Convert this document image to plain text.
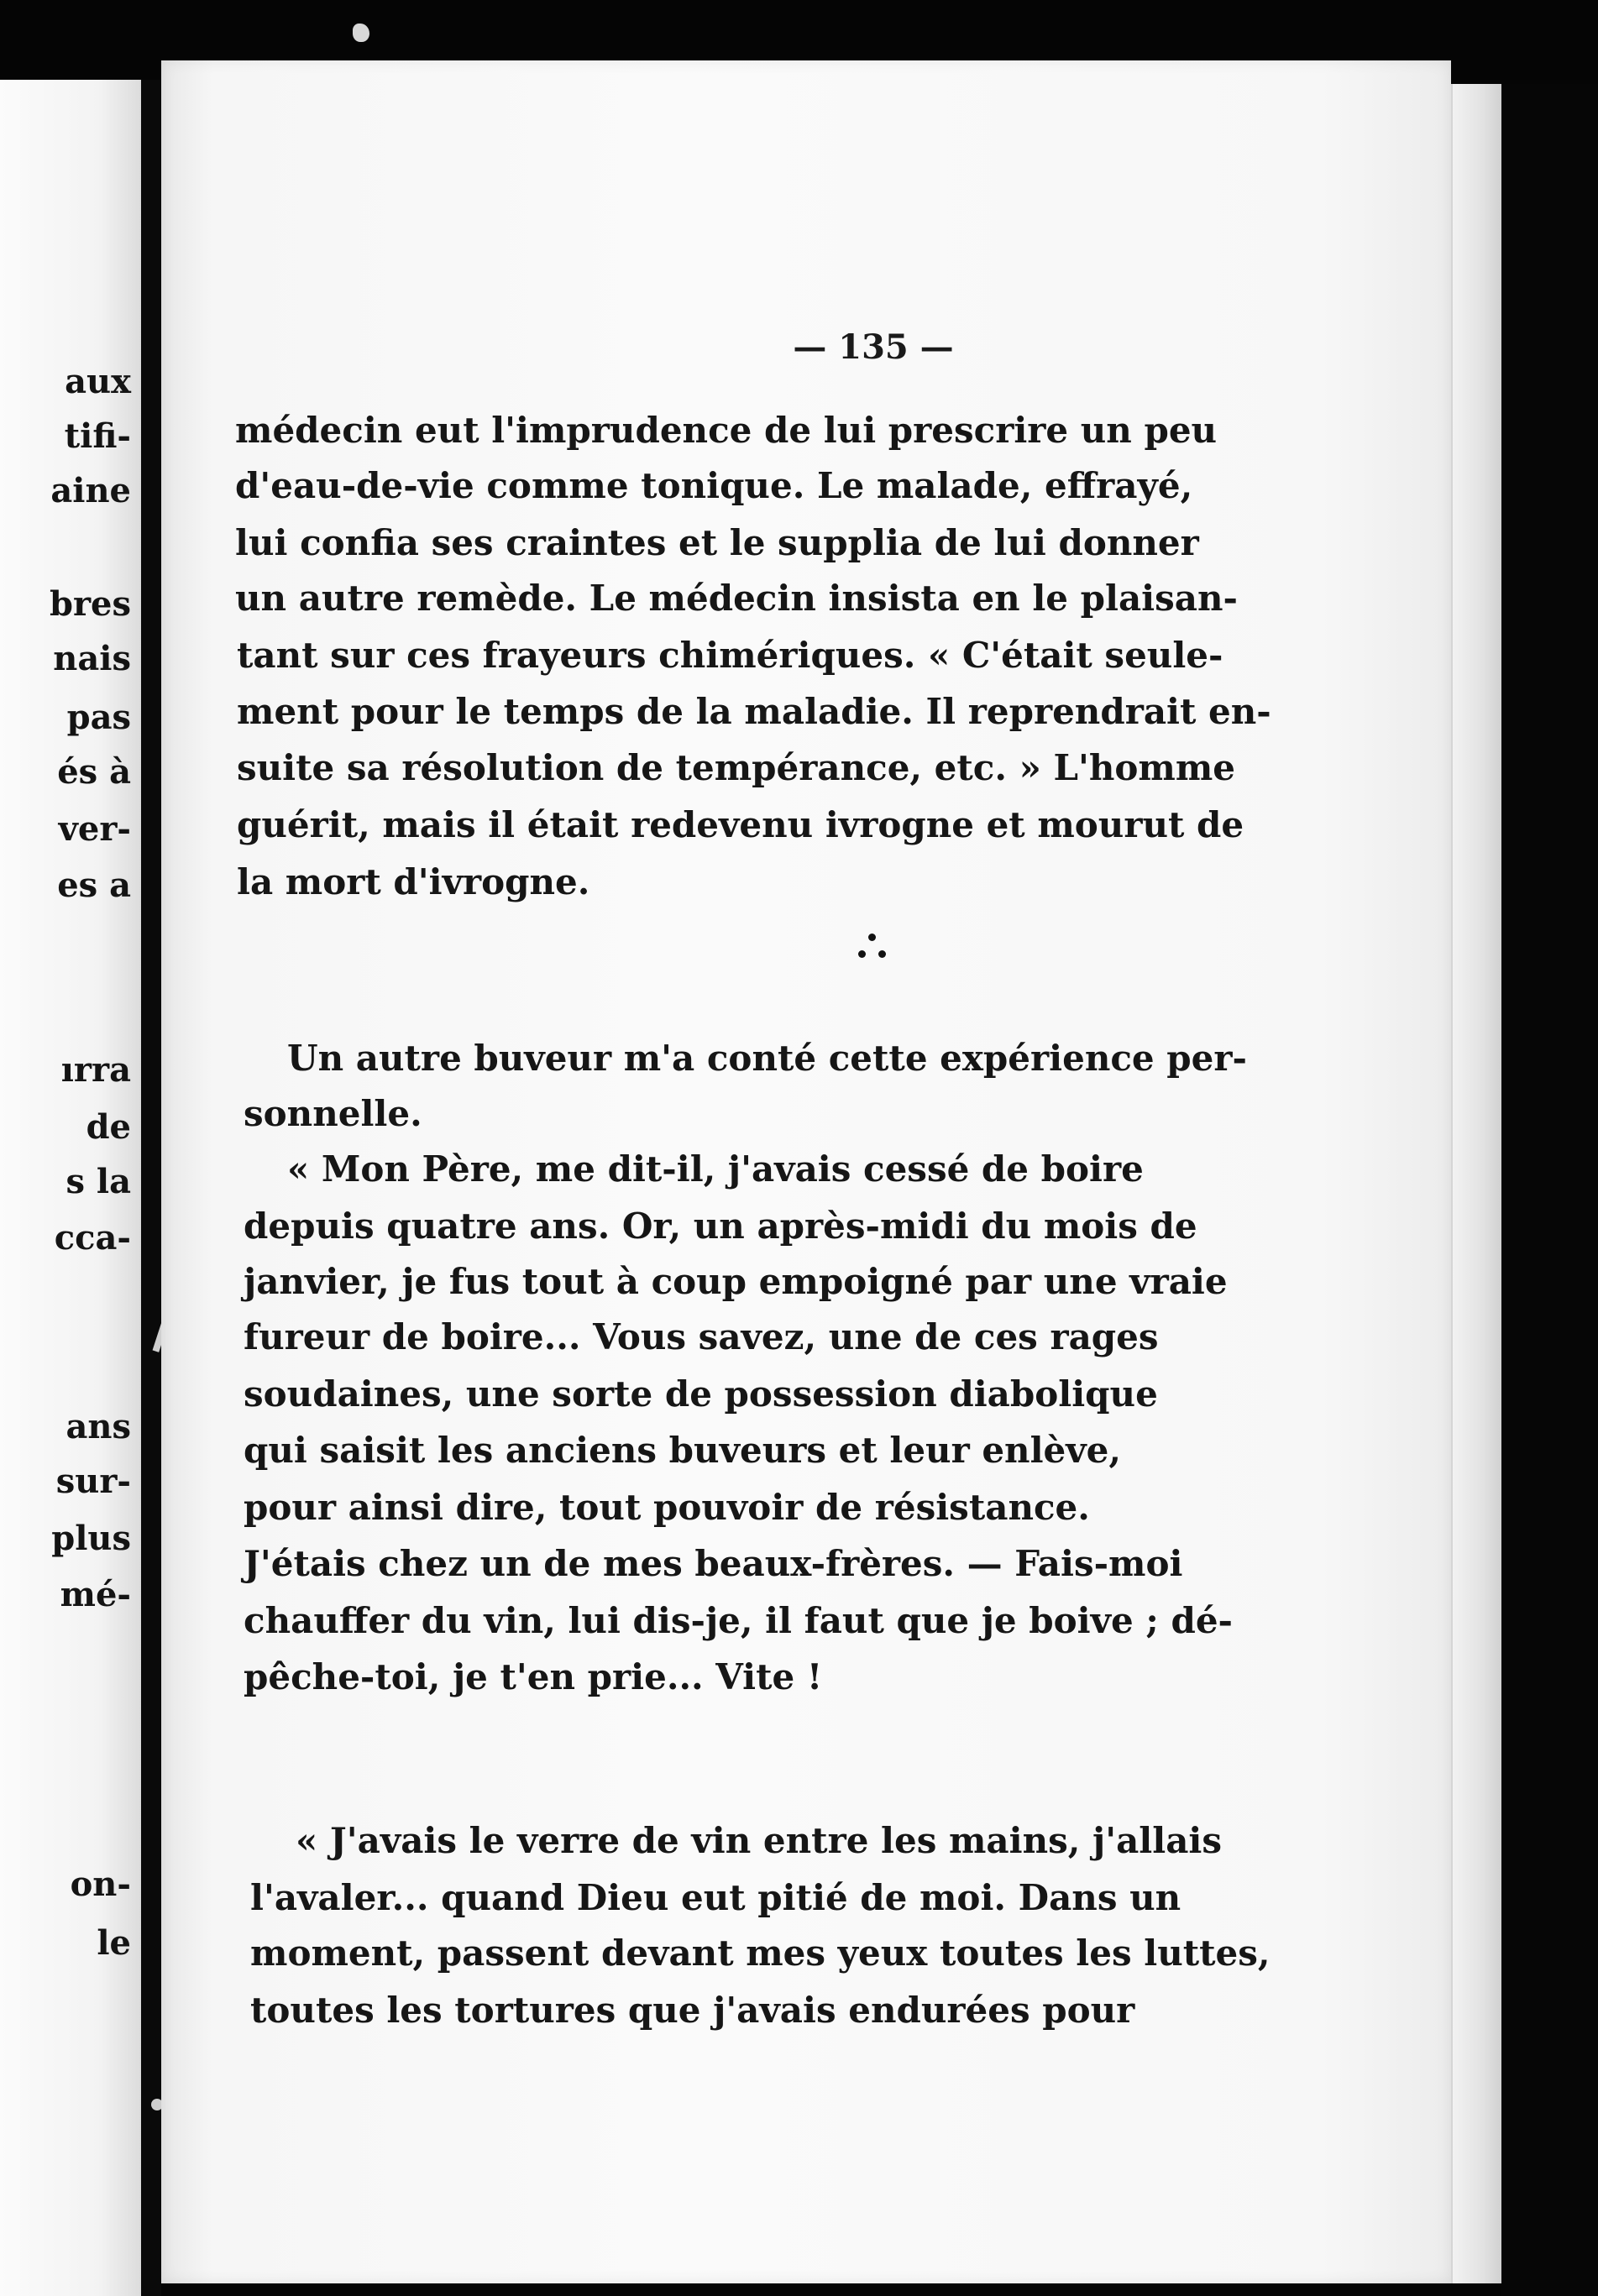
aux
tifi-
aine
bres
nais
pas
és à
ver-
es a
ırra
de
s la
cca-
ans
sur-
plus
mé-
on-
le
— 135 —
médecin eut l'imprudence de lui prescrire un peu
d'eau-de-vie comme tonique. Le malade, effrayé,
lui confia ses craintes et le supplia de lui donner
un autre remède. Le médecin insista en le plaisan-
tant sur ces frayeurs chimériques. « C'était seule-
ment pour le temps de la maladie. Il reprendrait en-
suite sa résolution de tempérance, etc. » L'homme
guérit, mais il était redevenu ivrogne et mourut de
la mort d'ivrogne.
Un autre buveur m'a conté cette expérience per-
sonnelle.
« Mon Père, me dit-il, j'avais cessé de boire
depuis quatre ans. Or, un après-midi du mois de
janvier, je fus tout à coup empoigné par une vraie
fureur de boire... Vous savez, une de ces rages
soudaines, une sorte de possession diabolique
qui saisit les anciens buveurs et leur enlève,
pour ainsi dire, tout pouvoir de résistance.
J'étais chez un de mes beaux-frères. — Fais-moi
chauffer du vin, lui dis-je, il faut que je boive ; dé-
pêche-toi, je t'en prie... Vite !
« J'avais le verre de vin entre les mains, j'allais
l'avaler... quand Dieu eut pitié de moi. Dans un
moment, passent devant mes yeux toutes les luttes,
toutes les tortures que j'avais endurées pour
